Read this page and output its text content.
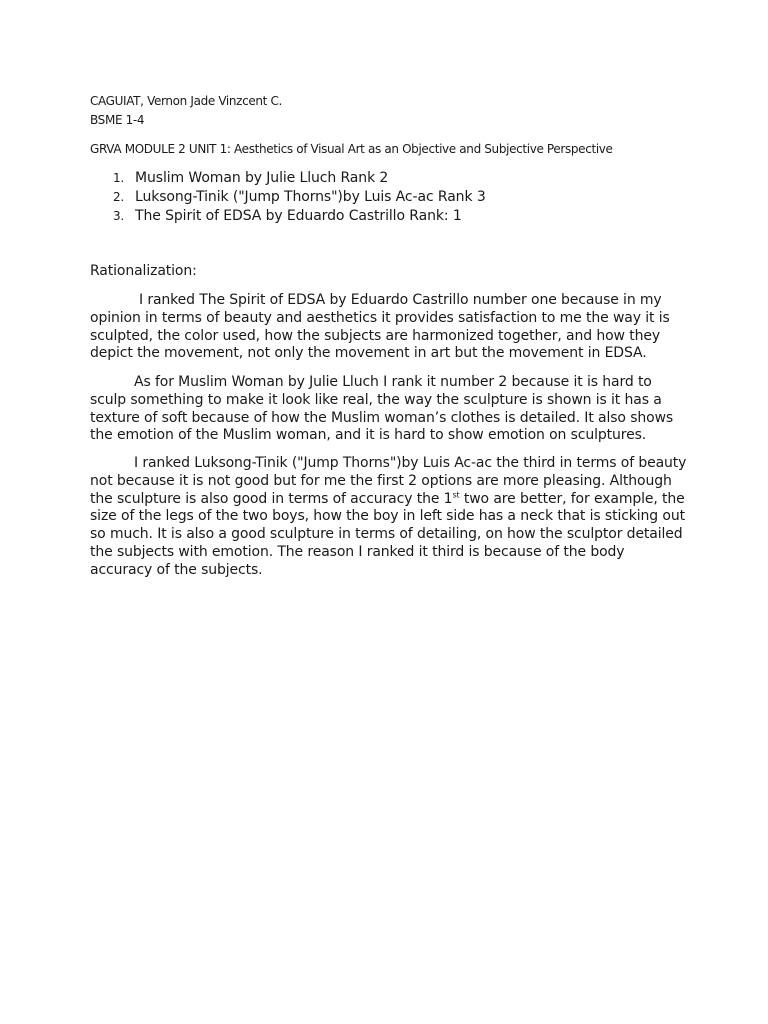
CAGUIAT, Vernon Jade Vinzcent C.
BSME 1-4
GRVA MODULE 2 UNIT 1: Aesthetics of Visual Art as an Objective and Subjective Perspective
1. Muslim Woman by Julie Lluch Rank 2
2. Luksong-Tinik ("Jump Thorns")by Luis Ac-ac Rank 3
3. The Spirit of EDSA by Eduardo Castrillo Rank: 1
Rationalization:

I ranked The Spirit of EDSA by Eduardo Castrillo number one because in my opinion in terms of beauty and aesthetics it provides satisfaction to me the way it is sculpted, the color used, how the subjects are harmonized together, and how they depict the movement, not only the movement in art but the movement in EDSA.

As for Muslim Woman by Julie Lluch I rank it number 2 because it is hard to sculp something to make it look like real, the way the sculpture is shown is it has a texture of soft because of how the Muslim woman’s clothes is detailed. It also shows the emotion of the Muslim woman, and it is hard to show emotion on sculptures.

I ranked Luksong-Tinik ("Jump Thorns")by Luis Ac-ac the third in terms of beauty not because it is not good but for me the first 2 options are more pleasing. Although the sculpture is also good in terms of accuracy the 1st two are better, for example, the size of the legs of the two boys, how the boy in left side has a neck that is sticking out so much. It is also a good sculpture in terms of detailing, on how the sculptor detailed the subjects with emotion. The reason I ranked it third is because of the body accuracy of the subjects.
